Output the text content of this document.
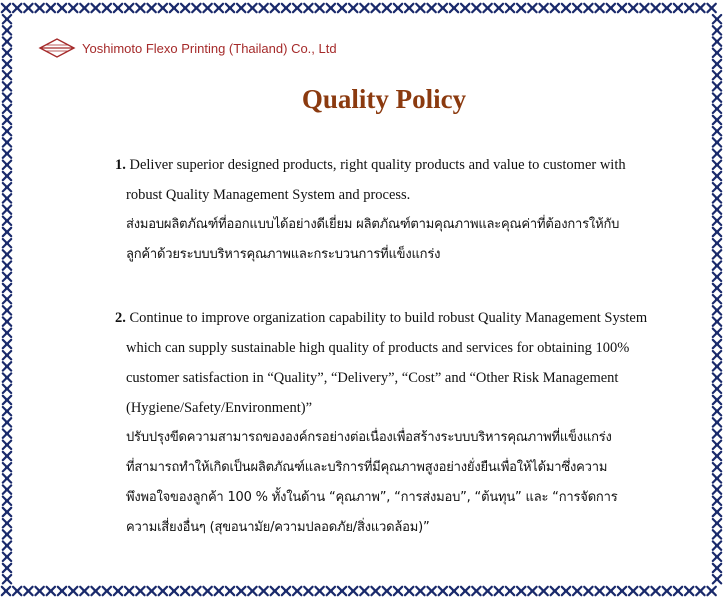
Yoshimoto Flexo Printing (Thailand) Co., Ltd
Quality Policy
1. Deliver superior designed products, right quality products and value to customer with
robust Quality Management System and process.
ส่งมอบผลิตภัณฑ์ที่ออกแบบได้อย่างดีเยี่ยม ผลิตภัณฑ์ตามคุณภาพและคุณค่าที่ต้องการให้กับ
ลูกค้าด้วยระบบบริหารคุณภาพและกระบวนการที่แข็งแกร่ง
2. Continue to improve organization capability to build robust Quality Management System
which can supply sustainable high quality of products and services for obtaining 100%
customer satisfaction in “Quality”, “Delivery”, “Cost” and “Other Risk Management
(Hygiene/Safety/Environment)”
ปรับปรุงขีดความสามารถขององค์กรอย่างต่อเนื่องเพื่อสร้างระบบบริหารคุณภาพที่แข็งแกร่ง
ที่สามารถทำให้เกิดเป็นผลิตภัณฑ์และบริการที่มีคุณภาพสูงอย่างยั่งยืนเพื่อให้ได้มาซึ่งความ
พึงพอใจของลูกค้า 100 % ทั้งในด้าน “คุณภาพ”, “การส่งมอบ”, “ต้นทุน” และ “การจัดการ
ความเสี่ยงอื่นๆ (สุขอนามัย/ความปลอดภัย/สิ่งแวดล้อม)”
